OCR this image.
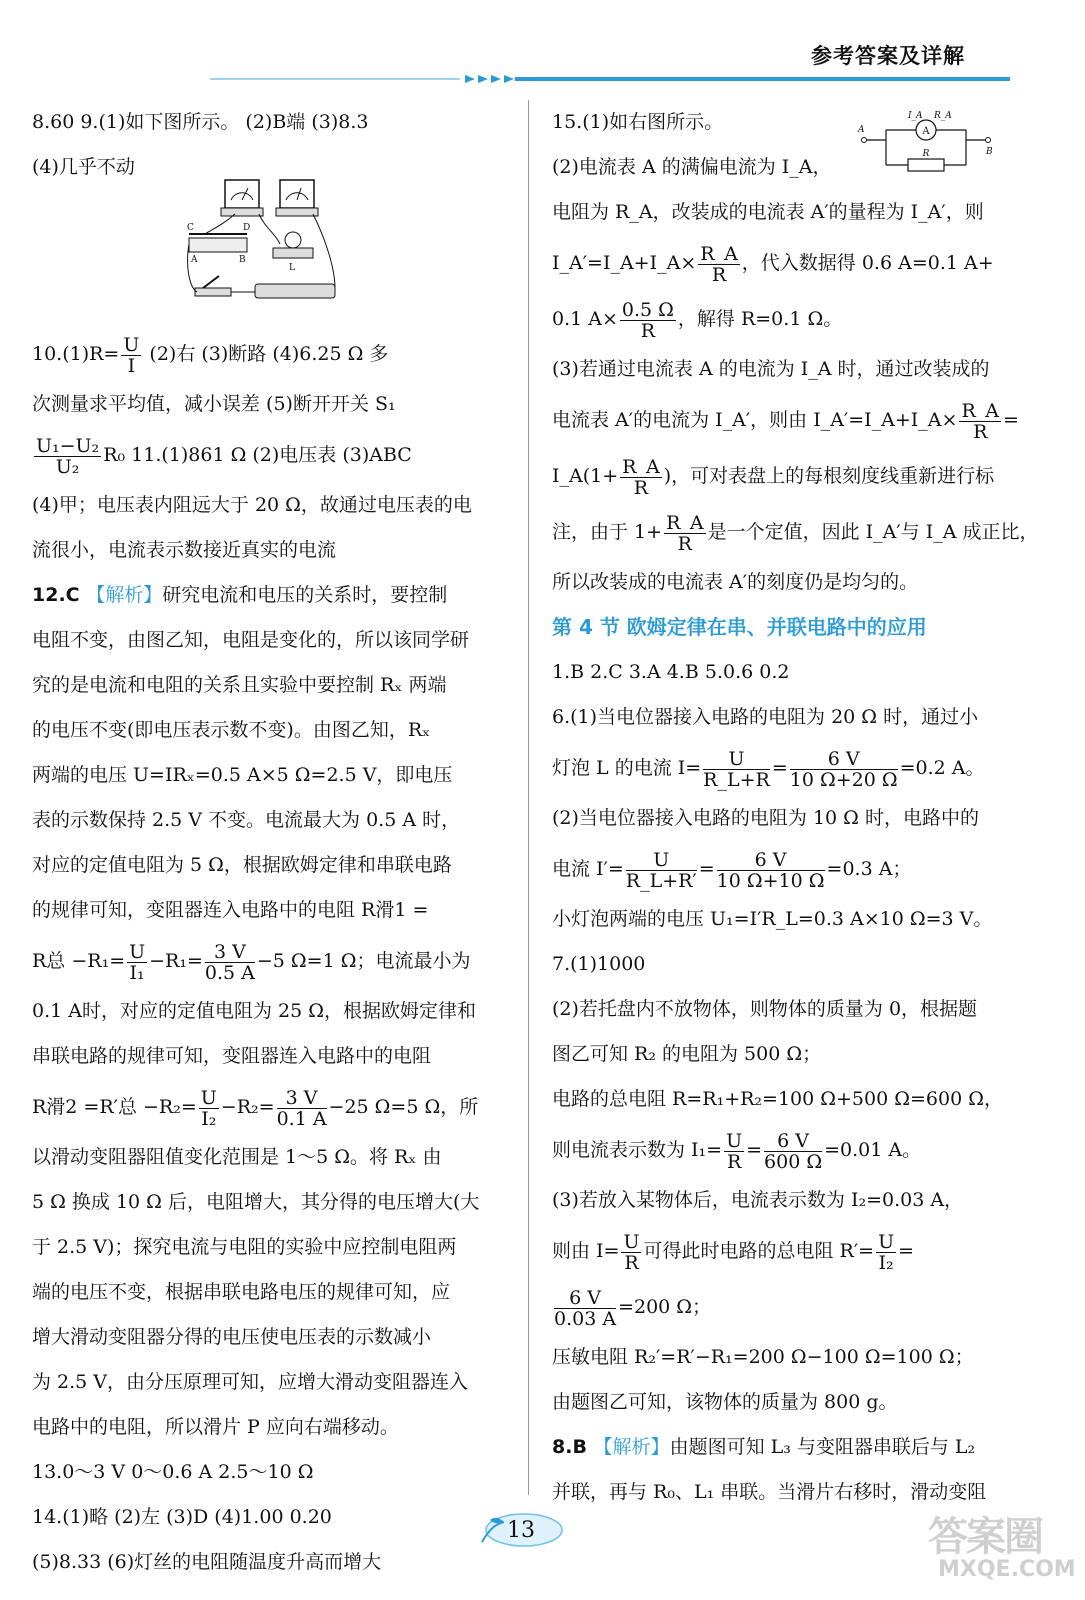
参考答案及详解
8.60 9.(1)如下图所示。 (2)B端 (3)8.3
(4)几乎不动
$10.(1)R= \frac{U}{I} (2)$右 (3)断路 (4)6.25 Ω 多
次测量求平均值，减小误差 (5)断开开关 S₁
$\frac{\text{U₁−U₂}}{\text{U₂}} R_0$ 11.(1)861 Ω (2)电压表 (3)ABC
(4)甲；电压表内阻远大于 20 Ω，故通过电压表的电
流很小，电流表示数接近真实的电流
12.C 【解析】研究电流和电压的关系时，要控制
电阻不变，由图乙知，电阻是变化的，所以该同学研
究的是电流和电阻的关系且实验中要控制 Rₓ 两端
的电压不变(即电压表示数不变)。由图乙知，Rₓ
两端的电压 U=IRₓ=0.5 A×5 Ω=2.5 V，即电压
表的示数保持 2.5 V 不变。电流最大为 0.5 A 时，
对应的定值电阻为 5 Ω，根据欧姆定律和串联电路
的规律可知，变阻器连入电路中的电阻 R滑1 =
R总 $-R_1= \frac{U}{\text{I₁}} -R_1= \frac{3 V}{0.5 A} -5$ Ω=1 Ω；电流最小为
0.1 A时，对应的定值电阻为 25 Ω，根据欧姆定律和
串联电路的规律可知，变阻器连入电路中的电阻
R滑2 =R′总 $-R_2= \frac{U}{\text{I₂}} -R_2= \frac{3 V}{0.1 A} -25$ Ω=5 Ω，所
以滑动变阻器阻值变化范围是 1～5 Ω。将 Rₓ 由
5 Ω 换成 10 Ω 后，电阻增大，其分得的电压增大(大
于 2.5 V)；探究电流与电阻的实验中应控制电阻两
端的电压不变，根据串联电路电压的规律可知，应
增大滑动变阻器分得的电压使电压表的示数减小
为 2.5 V，由分压原理可知，应增大滑动变阻器连入
电路中的电阻，所以滑片 P 应向右端移动。
13.0～3 V 0～0.6 A 2.5～10 Ω
14.(1)略 (2)左 (3)D (4)1.00 0.20
(5)8.33 (6)灯丝的电阻随温度升高而增大
C	D
A	B
L
15.(1)如右图所示。
(2)电流表 A 的满偏电流为 I_A，
电阻为 R_A，改装成的电流表 A′的量程为 I_A′，则
I_A′=I_A+I_A× $\frac{R\_A}{R}$ ，代入数据得 0.6 A=0.1 A+
0.1 $A\times \frac{0.5 \Omega}{R}$ ，解得 R=0.1 Ω。
(3)若通过电流表 A 的电流为 I_A 时，通过改装成的
电流表 A′的电流为 I_A′，则由 I_A′=I_A+I_A× $\frac{R\_A}{R}$ =
I_A(1+ $\frac{R\_A}{R}$ )，可对表盘上的每根刻度线重新进行标
注，由于 $1+ \frac{R\_A}{R}$ 是一个定值，因此 I_A′与 I_A 成正比，
所以改装成的电流表 A′的刻度仍是均匀的。
第 4 节 欧姆定律在串、并联电路中的应用
1.B 2.C 3.A 4.B 5.0.6 0.2
6.(1)当电位器接入电路的电阻为 20 Ω 时，通过小
灯泡 L 的电流 $I= \frac{U}{R\_L+R} = \frac{6 V}{10 \Omega+20 \Omega} =0.2$ A。
(2)当电位器接入电路的电阻为 10 Ω 时，电路中的
电流 $I'= \frac{U}{R\_L+R'} = \frac{6 V}{10 \Omega+10 \Omega} =0.3$ A；
小灯泡两端的电压 U₁=I′R_L=0.3 A×10 Ω=3 V。
7.(1)1000
(2)若托盘内不放物体，则物体的质量为 0，根据题
图乙可知 R₂ 的电阻为 500 Ω；
电路的总电阻 R=R₁+R₂=100 Ω+500 Ω=600 Ω，
则电流表示数为 $I_1= \frac{U}{R} = \frac{6 V}{600 \Omega} =0.01$ A。
(3)若放入某物体后，电流表示数为 I₂=0.03 A，
则由 $I= \frac{U}{R}$ 可得此时电路的总电阻 $R'= \frac{U}{\text{I₂}}$ =
$\frac{6 V}{0.03 A} =200$ Ω；
压敏电阻 R₂′=R′−R₁=200 Ω−100 Ω=100 Ω；
由题图乙可知，该物体的质量为 800 g。
8.B 【解析】由题图可知 L₃ 与变阻器串联后与 L₂
并联，再与 R₀、L₁ 串联。当滑片右移时，滑动变阻
A
R
I_A R_A
A
B
13	答案圈
MXQE.COM
